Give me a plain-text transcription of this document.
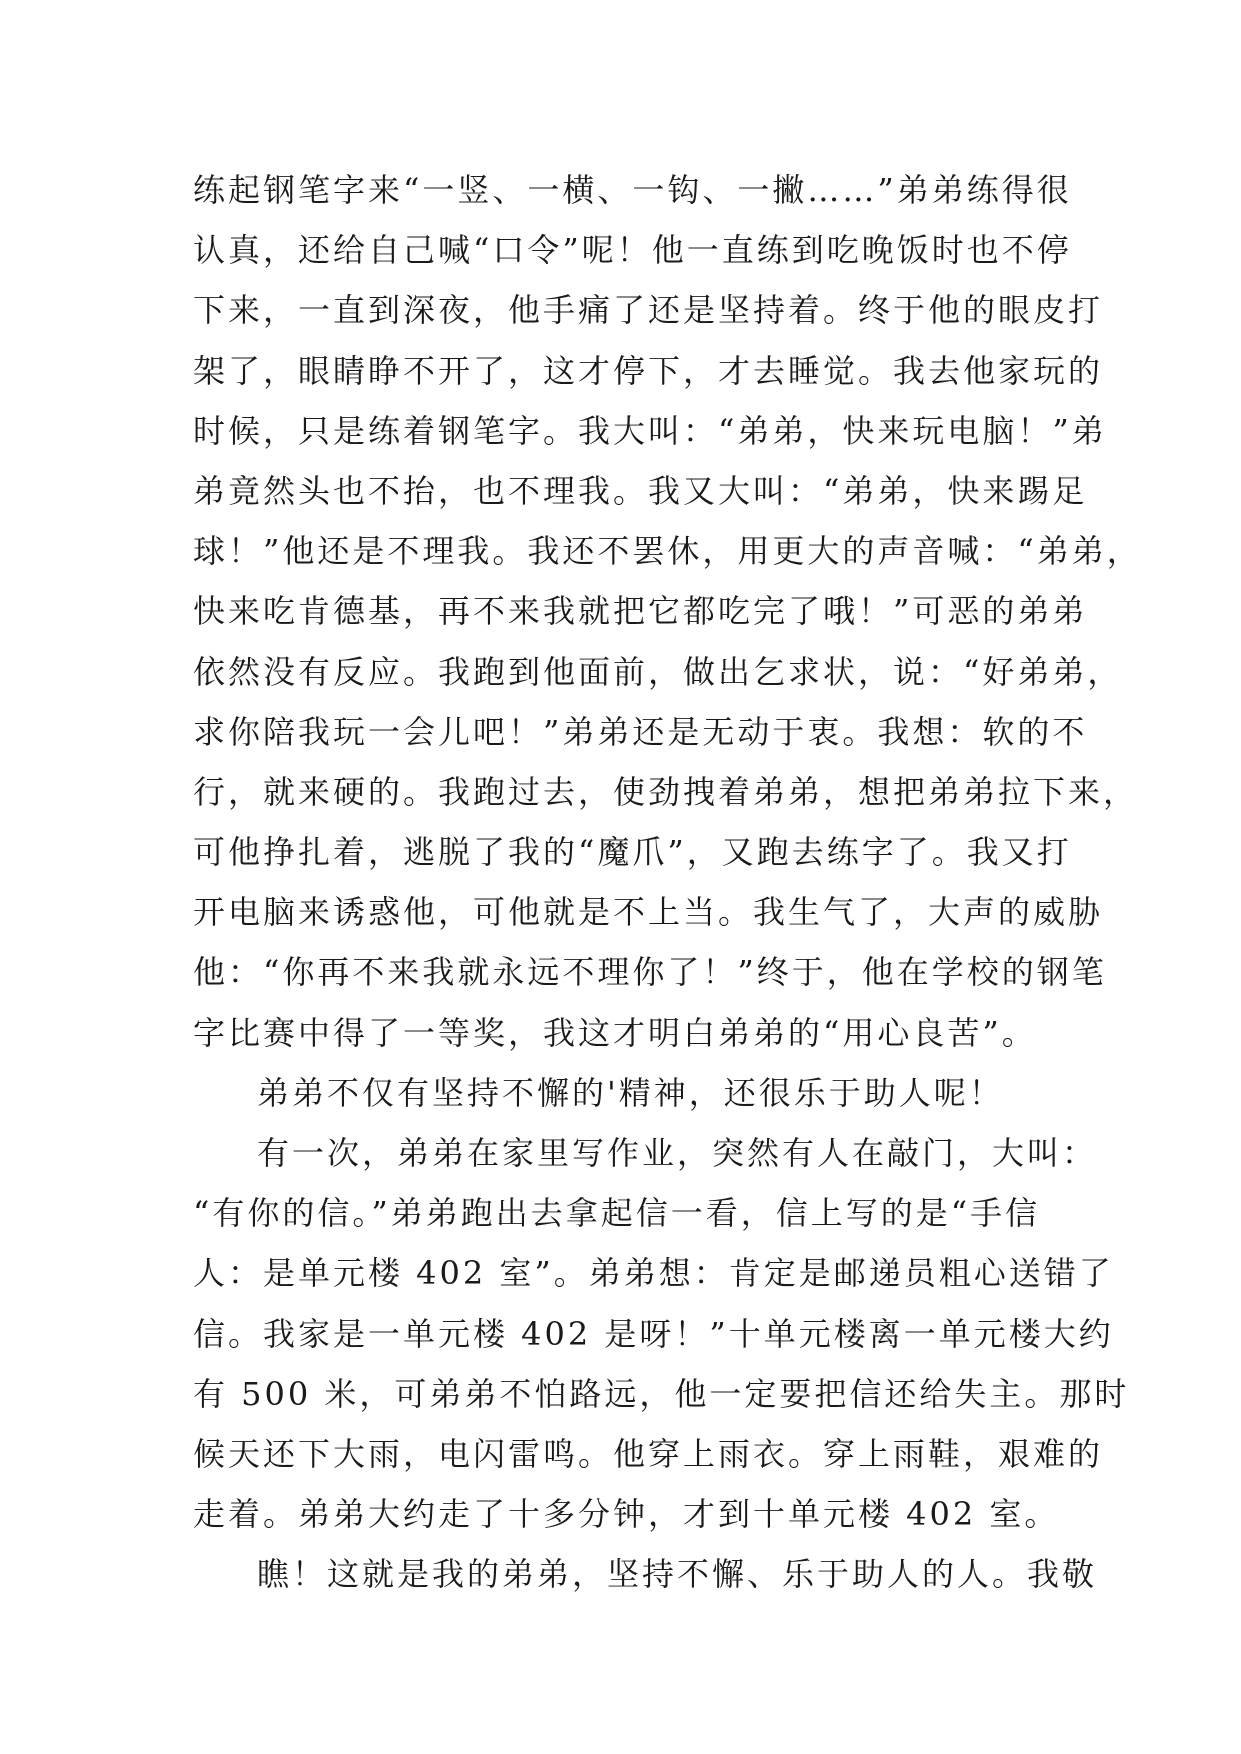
练起钢笔字来“一竖、一横、一钩、一撇……”弟弟练得很
认真，还给自己喊“口令”呢！他一直练到吃晚饭时也不停
下来，一直到深夜，他手痛了还是坚持着。终于他的眼皮打
架了，眼睛睁不开了，这才停下，才去睡觉。我去他家玩的
时候，只是练着钢笔字。我大叫：“弟弟，快来玩电脑！”弟
弟竟然头也不抬，也不理我。我又大叫：“弟弟，快来踢足
球！”他还是不理我。我还不罢休，用更大的声音喊：“弟弟，
快来吃肯德基，再不来我就把它都吃完了哦！”可恶的弟弟
依然没有反应。我跑到他面前，做出乞求状，说：“好弟弟，
求你陪我玩一会儿吧！”弟弟还是无动于衷。我想：软的不
行，就来硬的。我跑过去，使劲拽着弟弟，想把弟弟拉下来，
可他挣扎着，逃脱了我的“魔爪”，又跑去练字了。我又打
开电脑来诱惑他，可他就是不上当。我生气了，大声的威胁
他：“你再不来我就永远不理你了！”终于，他在学校的钢笔
字比赛中得了一等奖，我这才明白弟弟的“用心良苦”。
弟弟不仅有坚持不懈的'精神，还很乐于助人呢！
有一次，弟弟在家里写作业，突然有人在敲门，大叫：
“有你的信。”弟弟跑出去拿起信一看，信上写的是“手信
人：是单元楼 402 室”。弟弟想：肯定是邮递员粗心送错了
信。我家是一单元楼 402 是呀！”十单元楼离一单元楼大约
有 500 米，可弟弟不怕路远，他一定要把信还给失主。那时
候天还下大雨，电闪雷鸣。他穿上雨衣。穿上雨鞋，艰难的
走着。弟弟大约走了十多分钟，才到十单元楼 402 室。
瞧！这就是我的弟弟，坚持不懈、乐于助人的人。我敬
